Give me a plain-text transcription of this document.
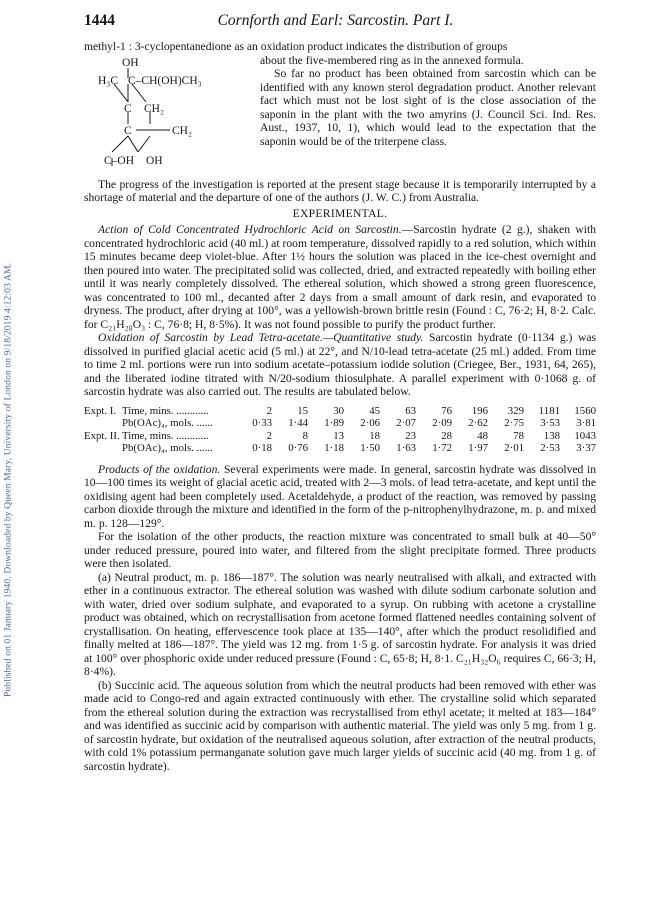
Published on 01 January 1940. Downloaded by Queen Mary, University of London on 9/18/2019 4:12:03 AM.
1444	Cornforth and Earl: Sarcostin. Part I.

methyl-1 : 3-cyclopentanedione as an oxidation product indicates the distribution of groups

OH
H₃C C–CH(OH)CH₃
C CH₂
C	CH₂
C–OH OH

about the five-membered ring as in the annexed formula.

So far no product has been obtained from sarcostin which can be identified with any known sterol degradation product. Another relevant fact which must not be lost sight of is the close association of the saponin in the plant with the two amyrins (J. Council Sci. Ind. Res. Aust., 1937, 10, 1), which would lead to the expectation that the saponin would be of the triterpene class.

The progress of the investigation is reported at the present stage because it is temporarily interrupted by a shortage of material and the departure of one of the authors (J. W. C.) from Australia.

EXPERIMENTAL.

Action of Cold Concentrated Hydrochloric Acid on Sarcostin.—Sarcostin hydrate (2 g.), shaken with concentrated hydrochloric acid (40 ml.) at room temperature, dissolved rapidly to a red solution, which within 15 minutes became deep violet-blue. After 1½ hours the solution was placed in the ice-chest overnight and then poured into water. The precipitated solid was collected, dried, and extracted repeatedly with boiling ether until it was nearly completely dissolved. The ethereal solution, which showed a strong green fluorescence, was concentrated to 100 ml., decanted after 2 days from a small amount of dark resin, and evaporated to dryness. The product, after drying at 100°, was a yellowish-brown brittle resin (Found : C, 76·2; H, 8·2. Calc. for C₂₁H₂₈O₃ : C, 76·8; H, 8·5%). It was not found possible to purify the product further.

Oxidation of Sarcostin by Lead Tetra-acetate.—Quantitative study. Sarcostin hydrate (0·1134 g.) was dissolved in purified glacial acetic acid (5 ml.) at 22°, and N/10-lead tetra-acetate (25 ml.) added. From time to time 2 ml. portions were run into sodium acetate–potassium iodide solution (Criegee, Ber., 1931, 64, 265), and the liberated iodine titrated with N/20-sodium thiosulphate. A parallel experiment with 0·1068 g. of sarcostin hydrate was also carried out. The results are tabulated below.

Expt. I. Time, mins. ............	2	15	30	45	63	76	196	329	1181	1560
Pb(OAc)₄, mols. ......	0·33	1·44	1·89	2·06	2·07	2·09	2·62	2·75	3·53	3·81
Expt. II. Time, mins. ............	2	8	13	18	23	28	48	78	138	1043
Pb(OAc)₄, mols. ......	0·18	0·76	1·18	1·50	1·63	1·72	1·97	2·01	2·53	3·37

Products of the oxidation. Several experiments were made. In general, sarcostin hydrate was dissolved in 10—100 times its weight of glacial acetic acid, treated with 2—3 mols. of lead tetra-acetate, and kept until the oxidising agent had been completely used. Acetaldehyde, a product of the reaction, was removed by passing carbon dioxide through the mixture and identified in the form of the p-nitrophenylhydrazone, m. p. and mixed m. p. 128—129°.

For the isolation of the other products, the reaction mixture was concentrated to small bulk at 40—50° under reduced pressure, poured into water, and filtered from the slight precipitate formed. Three products were then isolated.

(a) Neutral product, m. p. 186—187°. The solution was nearly neutralised with alkali, and extracted with ether in a continuous extractor. The ethereal solution was washed with dilute sodium carbonate solution and with water, dried over sodium sulphate, and evaporated to a syrup. On rubbing with acetone a crystalline product was obtained, which on recrystallisation from acetone formed flattened needles containing solvent of crystallisation. On heating, effervescence took place at 135—140°, after which the product resolidified and finally melted at 186—187°. The yield was 12 mg. from 1·5 g. of sarcostin hydrate. For analysis it was dried at 100° over phosphoric oxide under reduced pressure (Found : C, 65·8; H, 8·1. C₂₁H₃₂O₆ requires C, 66·3; H, 8·4%).

(b) Succinic acid. The aqueous solution from which the neutral products had been removed with ether was made acid to Congo-red and again extracted continuously with ether. The crystalline solid which separated from the ethereal solution during the extraction was recrystallised from ethyl acetate; it melted at 183—184° and was identified as succinic acid by comparison with authentic material. The yield was only 5 mg. from 1 g. of sarcostin hydrate, but oxidation of the neutralised aqueous solution, after extraction of the neutral products, with cold 1% potassium permanganate solution gave much larger yields of succinic acid (40 mg. from 1 g. of sarcostin hydrate).
